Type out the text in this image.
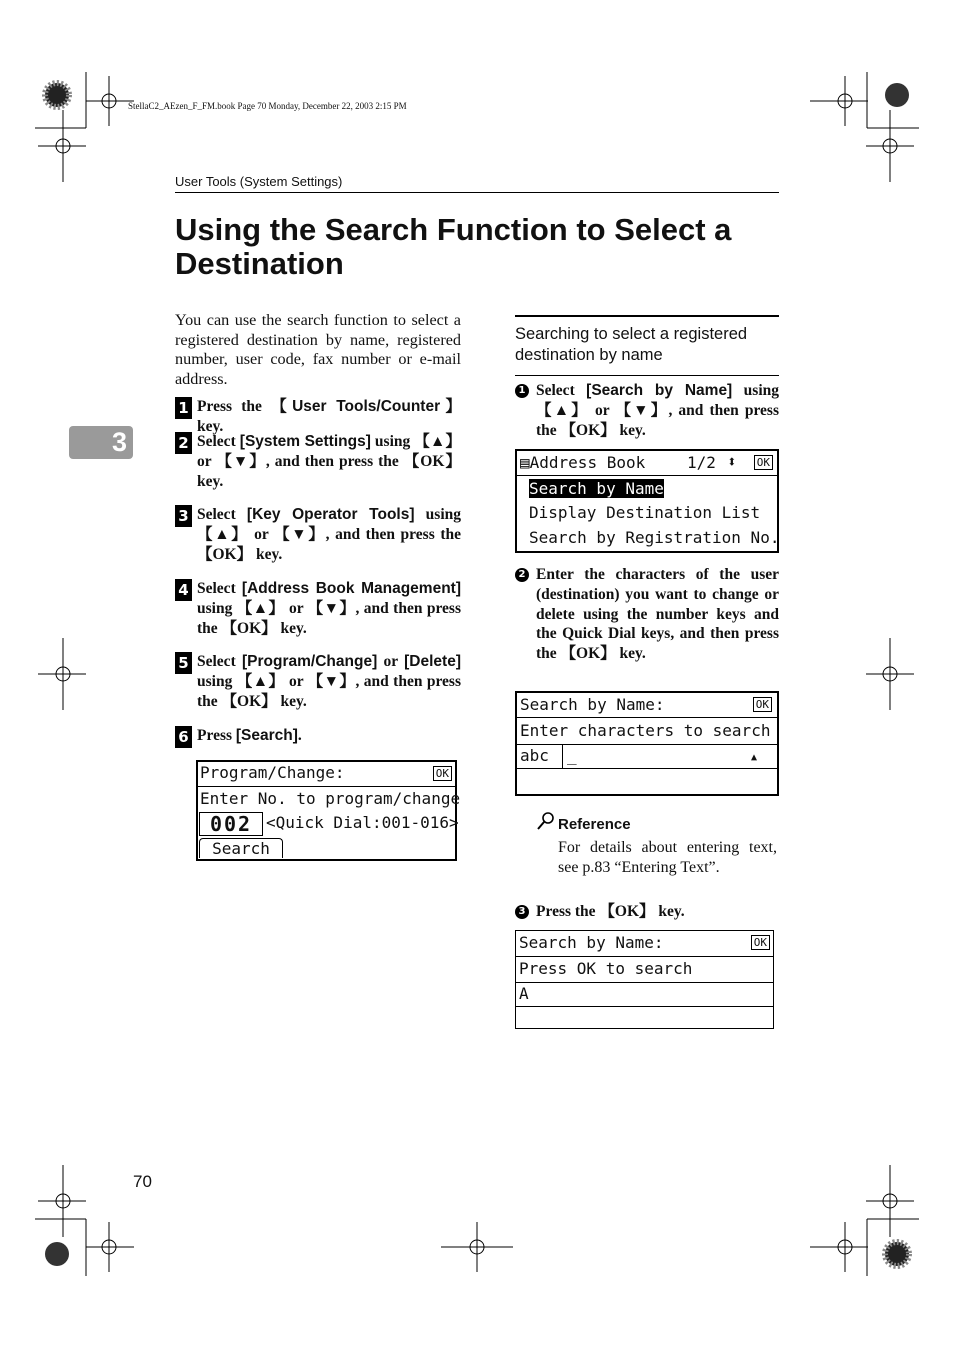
StellaC2_AEzen_F_FM.book Page 70 Monday, December 22, 2003 2:15 PM
User Tools (System Settings)
Using the Search Function to Select a Destination
3
You can use the search function to select a registered destination by name, registered number, user code, fax number or e-mail address.
1 Press the 【User Tools/Counter】 key.
2 Select [System Settings] using 【▲】 or 【▼】, and then press the 【OK】 key.
3 Select [Key Operator Tools] using 【▲】 or 【▼】, and then press the 【OK】 key.
4 Select [Address Book Management] using 【▲】 or 【▼】, and then press the 【OK】 key.
5 Select [Program/Change] or [Delete] using 【▲】 or 【▼】, and then press the 【OK】 key.
6 Press [Search].
Program/Change:	OK
Enter No. to program/change
002 <Quick Dial:001-016>
Search
Searching to select a registered destination by name
1 Select [Search by Name] using 【▲】 or 【▼】, and then press the 【OK】 key.
▤Address Book	1/2 ⬍	OK
Search by Name
Display Destination List
Search by Registration No.
2 Enter the characters of the user (destination) you want to change or delete using the number keys and the Quick Dial keys, and then press the 【OK】 key.
Search by Name:	OK
Enter characters to search
abc	_	▲
Reference
For details about entering text, see p.83 “Entering Text”.
3 Press the 【OK】 key.
Search by Name:	OK
Press OK to search
A
70
